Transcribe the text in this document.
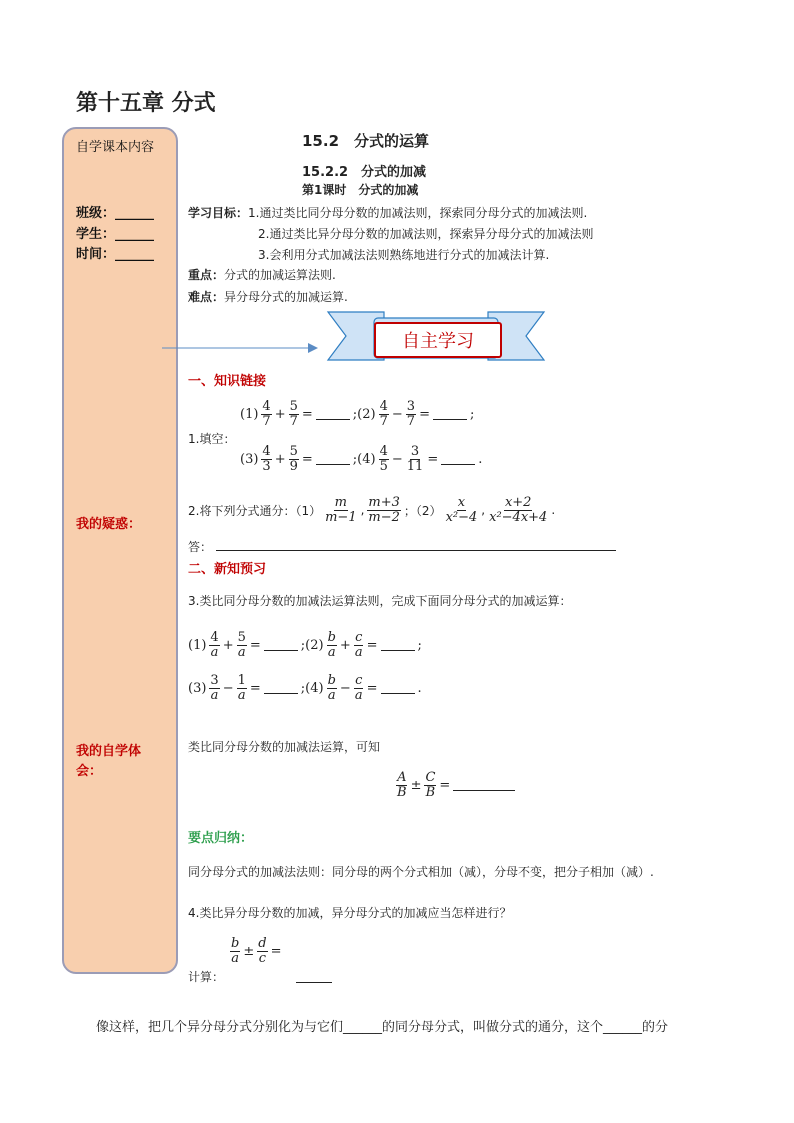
第十五章 分式
自学课本内容
班级：______
学生：______
时间：______
我的疑惑：
我的自学体会：
15.2　分式的运算
15.2.2　分式的加减
第1课时　分式的加减
学习目标：1.通过类比同分母分数的加减法则，探索同分母分式的加减法则.
2.通过类比异分母分数的加减法则，探索异分母分式的加减法则
3.会利用分式加减法法则熟练地进行分式的加减法计算.
重点：分式的加减运算法则.
难点：异分母分式的加减运算.
自主学习
一、知识链接
1.填空：
$(1) \frac{4}{7} + \frac{5}{7}$ =	;(2) $\frac{4}{7} - \frac{3}{7}$ =	;
$(3) \frac{4}{3} + \frac{5}{9}$ =	;(4) $\frac{4}{5} - \frac{3}{11}$ =	.
2.将下列分式通分：$(1) \frac{m}{m-1}$ , $\frac{m+3}{m-2}$ ；$(2) \frac{x}{\text{x²−4}}$ , $\frac{x+2}{\text{x²−4x+4}}$ .
答：
二、新知预习
3.类比同分母分数的加减法运算法则，完成下面同分母分式的加减运算：
$(1) \frac{4}{a} + \frac{5}{a}$ =	;(2) $\frac{b}{a} + \frac{c}{a}$ =	;
$(3) \frac{3}{a} - \frac{1}{a}$ =	;(4) $\frac{b}{a} - \frac{c}{a}$ =	.
类比同分母分数的加减法运算，可知
$\frac{A}{B} \pm \frac{C}{B}$ =
要点归纳：
同分母分式的加减法法则：同分母的两个分式相加（减），分母不变，把分子相加（减）.
4.类比异分母分数的加减，异分母分式的加减应当怎样进行？
$\frac{b}{a} \pm \frac{d}{c}$ =
计算：
像这样，把几个异分母分式分别化为与它们______的同分母分式，叫做分式的通分，这个______的分
